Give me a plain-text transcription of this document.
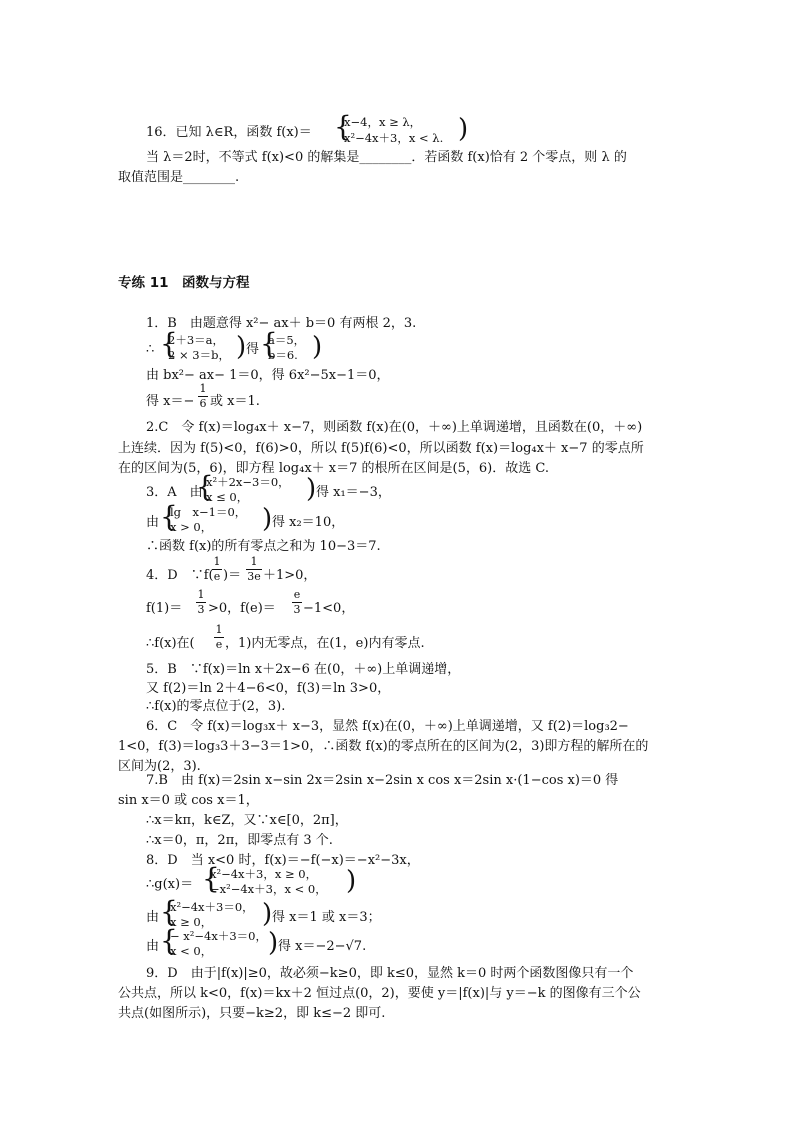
16．已知 λ∈R，函数 f(x)＝ {
x−4，x ≥ λ，
x²−4x＋3，x < λ. )
当 λ＝2时，不等式 f(x)<0 的解集是________．若函数 f(x)恰有 2 个零点，则 λ 的
取值范围是________.
专练 11　函数与方程
1．B　由题意得 x²− ax＋ b＝0 有两根 2，3.
∴ {
2＋3＝a，
2 × 3＝b， ) 得 {
a＝5，
b＝6. )
由 bx²− ax− 1＝0，得 6x²−5x−1＝0，
得 x＝−
1
6 或 x＝1.
2.C　令 f(x)＝log₄x＋ x−7，则函数 f(x)在(0，＋∞)上单调递增，且函数在(0，＋∞)
上连续．因为 f(5)<0，f(6)>0，所以 f(5)f(6)<0，所以函数 f(x)＝log₄x＋ x−7 的零点所
在的区间为(5，6)，即方程 log₄x＋ x＝7 的根所在区间是(5，6)．故选 C.
3．A　由
{
x²＋2x−3＝0，
x ≤ 0， ) 得 x₁＝−3，
由 {
lg　x−1＝0，
x > 0， ) 得 x₂＝10，
∴函数 f(x)的所有零点之和为 10−3＝7.
4．D　∵f(
1
e )＝
1
3e ＋1>0，
f(1)＝
1
3 >0，f(e)＝
e
3 −1<0，
∴f(x)在(
1
e ，1)内无零点，在(1，e)内有零点.
5．B　∵f(x)＝ln x＋2x−6 在(0，＋∞)上单调递增，
又 f(2)＝ln 2＋4−6<0，f(3)＝ln 3>0，
∴f(x)的零点位于(2，3).
6．C　令 f(x)＝log₃x＋ x−3，显然 f(x)在(0，＋∞)上单调递增，又 f(2)＝log₃2−
1<0，f(3)＝log₃3＋3−3＝1>0，∴函数 f(x)的零点所在的区间为(2，3)即方程的解所在的
区间为(2，3).
7.B　由 f(x)＝2sin x−sin 2x＝2sin x−2sin x cos x＝2sin x·(1−cos x)＝0 得
sin x＝0 或 cos x＝1，
∴x＝kπ，k∈Z，又∵x∈[0，2π]，
∴x＝0，π，2π，即零点有 3 个.
8．D　当 x<0 时，f(x)＝−f(−x)＝−x²−3x，
∴g(x)＝ {
x²−4x＋3，x ≥ 0，
−x²−4x＋3，x < 0， )
由 {
x²−4x＋3＝0，
x ≥ 0， ) 得 x＝1 或 x＝3；
由 {
− x²−4x＋3＝0，
x < 0， ) 得 x＝−2−√7.
9．D　由于|f(x)|≥0，故必须−k≥0，即 k≤0，显然 k＝0 时两个函数图像只有一个
公共点，所以 k<0，f(x)＝kx＋2 恒过点(0，2)，要使 y＝|f(x)|与 y＝−k 的图像有三个公
共点(如图所示)，只要−k≥2，即 k≤−2 即可.
